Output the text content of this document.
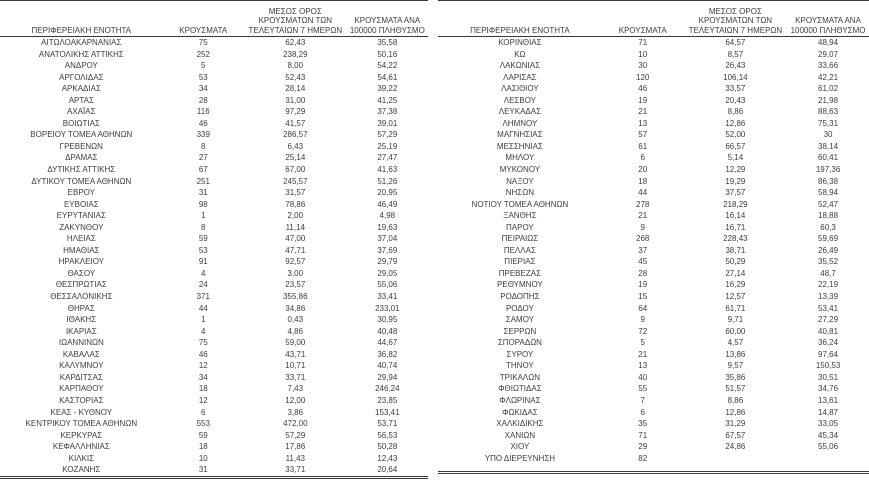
ΠΕΡΙΦΕΡΕΙΑΚΗ ΕΝΟΤΗΤΑ	ΚΡΟΥΣΜΑΤΑ	ΜΕΣΟΣ ΟΡΟΣ ΚΡΟΥΣΜΑΤΩΝ ΤΩΝ ΤΕΛΕΥΤΑΙΩΝ 7 ΗΜΕΡΩΝ	ΚΡΟΥΣΜΑΤΑ ΑΝΑ 100000 ΠΛΗΘΥΣΜΟ
ΑΙΤΩΛΟΑΚΑΡΝΑΝΙΑΣ	75	62,43	35,58
ΑΝΑΤΟΛΙΚΗΣ ΑΤΤΙΚΗΣ	252	238,29	50,16
ΑΝΔΡΟΥ	5	8,00	54,22
ΑΡΓΟΛΙΔΑΣ	53	52,43	54,61
ΑΡΚΑΔΙΑΣ	34	28,14	39,22
ΑΡΤΑΣ	28	31,00	41,25
ΑΧΑΪΑΣ	116	97,29	37,38
ΒΟΙΩΤΙΑΣ	46	41,57	39,01
ΒΟΡΕΙΟΥ ΤΟΜΕΑ ΑΘΗΝΩΝ	339	286,57	57,29
ΓΡΕΒΕΝΩΝ	8	6,43	25,19
ΔΡΑΜΑΣ	27	25,14	27,47
ΔΥΤΙΚΗΣ ΑΤΤΙΚΗΣ	67	67,00	41,63
ΔΥΤΙΚΟΥ ΤΟΜΕΑ ΑΘΗΝΩΝ	251	245,57	51,26
ΕΒΡΟΥ	31	31,57	20,95
ΕΥΒΟΙΑΣ	98	78,86	46,49
ΕΥΡΥΤΑΝΙΑΣ	1	2,00	4,98
ΖΑΚΥΝΘΟΥ	8	11,14	19,63
ΗΛΕΙΑΣ	59	47,00	37,04
ΗΜΑΘΙΑΣ	53	47,71	37,69
ΗΡΑΚΛΕΙΟΥ	91	92,57	29,79
ΘΑΣΟΥ	4	3,00	29,05
ΘΕΣΠΡΩΤΙΑΣ	24	23,57	55,06
ΘΕΣΣΑΛΟΝΙΚΗΣ	371	355,86	33,41
ΘΗΡΑΣ	44	34,86	233,01
ΙΘΑΚΗΣ	1	0,43	30,95
ΙΚΑΡΙΑΣ	4	4,86	40,48
ΙΩΑΝΝΙΝΩΝ	75	59,00	44,67
ΚΑΒΑΛΑΣ	46	43,71	36,82
ΚΑΛΥΜΝΟΥ	12	10,71	40,74
ΚΑΡΔΙΤΣΑΣ	34	33,71	29,94
ΚΑΡΠΑΘΟΥ	18	7,43	246,24
ΚΑΣΤΟΡΙΑΣ	12	12,00	23,85
ΚΕΑΣ - ΚΥΘΝΟΥ	6	3,86	153,41
ΚΕΝΤΡΙΚΟΥ ΤΟΜΕΑ ΑΘΗΝΩΝ	553	472,00	53,71
ΚΕΡΚΥΡΑΣ	59	57,29	56,53
ΚΕΦΑΛΛΗΝΙΑΣ	18	17,86	50,28
ΚΙΛΚΙΣ	10	11,43	12,43
ΚΟΖΑΝΗΣ	31	33,71	20,64
ΠΕΡΙΦΕΡΕΙΑΚΗ ΕΝΟΤΗΤΑ	ΚΡΟΥΣΜΑΤΑ	ΜΕΣΟΣ ΟΡΟΣ ΚΡΟΥΣΜΑΤΩΝ ΤΩΝ ΤΕΛΕΥΤΑΙΩΝ 7 ΗΜΕΡΩΝ	ΚΡΟΥΣΜΑΤΑ ΑΝΑ 100000 ΠΛΗΘΥΣΜΟ
ΚΟΡΙΝΘΙΑΣ	71	64,57	48,94
ΚΩ	10	8,57	29,07
ΛΑΚΩΝΙΑΣ	30	26,43	33,66
ΛΑΡΙΣΑΣ	120	106,14	42,21
ΛΑΣΙΘΙΟΥ	46	33,57	61,02
ΛΕΣΒΟΥ	19	20,43	21,98
ΛΕΥΚΑΔΑΣ	21	8,86	88,63
ΛΗΜΝΟΥ	13	12,86	75,31
ΜΑΓΝΗΣΙΑΣ	57	52,00	30
ΜΕΣΣΗΝΙΑΣ	61	66,57	38,14
ΜΗΛΟΥ	6	5,14	60,41
ΜΥΚΟΝΟΥ	20	12,29	197,36
ΝΑΞΟΥ	18	19,29	86,38
ΝΗΣΩΝ	44	37,57	58,94
ΝΟΤΙΟΥ ΤΟΜΕΑ ΑΘΗΝΩΝ	278	218,29	52,47
ΞΑΝΘΗΣ	21	16,14	18,88
ΠΑΡΟΥ	9	16,71	60,3
ΠΕΙΡΑΙΩΣ	268	228,43	59,69
ΠΕΛΛΑΣ	37	38,71	26,49
ΠΙΕΡΙΑΣ	45	50,29	35,52
ΠΡΕΒΕΖΑΣ	28	27,14	48,7
ΡΕΘΥΜΝΟΥ	19	16,29	22,19
ΡΟΔΟΠΗΣ	15	12,57	13,39
ΡΟΔΟΥ	64	61,71	53,41
ΣΑΜΟΥ	9	9,71	27,29
ΣΕΡΡΩΝ	72	60,00	40,81
ΣΠΟΡΑΔΩΝ	5	4,57	36,24
ΣΥΡΟΥ	21	13,86	97,64
ΤΗΝΟΥ	13	9,57	150,53
ΤΡΙΚΑΛΩΝ	40	35,86	30,51
ΦΘΙΩΤΙΔΑΣ	55	51,57	34,76
ΦΛΩΡΙΝΑΣ	7	8,86	13,61
ΦΩΚΙΔΑΣ	6	12,86	14,87
ΧΑΛΚΙΔΙΚΗΣ	35	31,29	33,05
ΧΑΝΙΩΝ	71	67,57	45,34
ΧΙΟΥ	29	24,86	55,06
ΥΠΟ ΔΙΕΡΕΥΝΗΣΗ	82		
